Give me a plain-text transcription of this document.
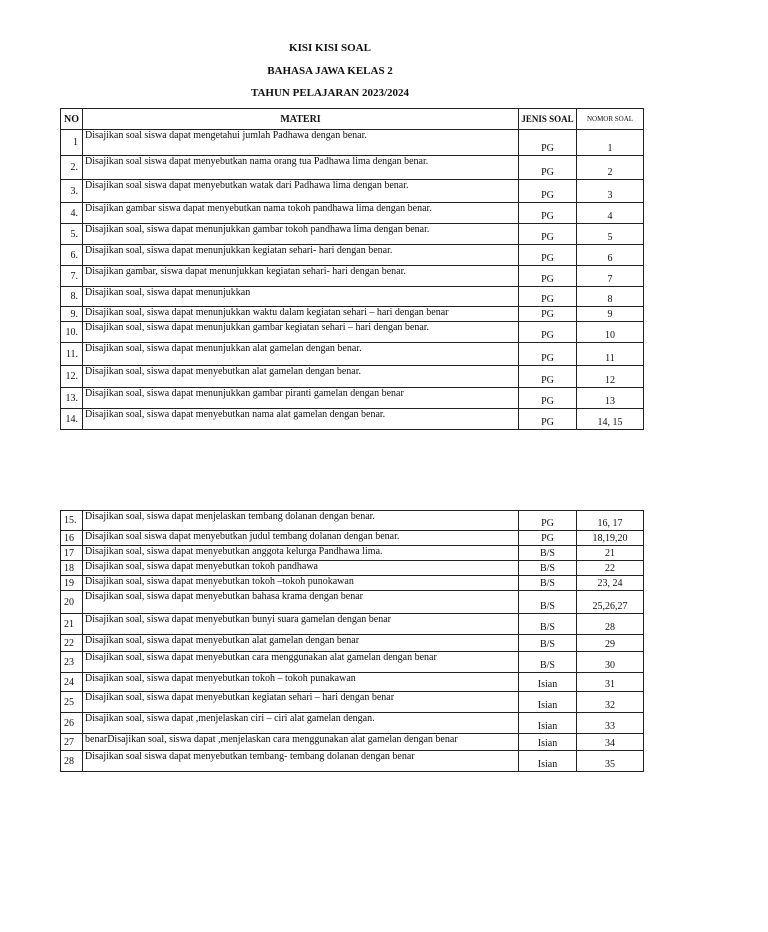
KISI KISI SOAL
BAHASA JAWA KELAS 2
TAHUN PELAJARAN 2023/2024
NO	MATERI	JENIS SOAL	NOMOR SOAL
1	Disajikan soal siswa dapat mengetahui jumlah Padhawa dengan benar.	PG	1
2.	Disajikan soal siswa dapat menyebutkan nama orang tua Padhawa lima dengan benar.	PG	2
3.	Disajikan soal siswa dapat menyebutkan watak dari Padhawa lima dengan benar.	PG	3
4.	Disajikan gambar siswa dapat menyebutkan nama tokoh pandhawa lima dengan benar.	PG	4
5.	Disajikan soal, siswa dapat menunjukkan gambar tokoh pandhawa lima dengan benar.	PG	5
6.	Disajikan soal, siswa dapat menunjukkan kegiatan sehari- hari dengan benar.	PG	6
7.	Disajikan gambar, siswa dapat menunjukkan kegiatan sehari- hari dengan benar.	PG	7
8.	Disajikan soal, siswa dapat menunjukkan	PG	8
9.	Disajikan soal, siswa dapat menunjukkan waktu dalam kegiatan sehari – hari dengan benar	PG	9
10.	Disajikan soal, siswa dapat menunjukkan gambar kegiatan sehari – hari dengan benar.	PG	10
11.	Disajikan soal, siswa dapat menunjukkan alat gamelan dengan benar.	PG	11
12.	Disajikan soal, siswa dapat menyebutkan alat gamelan dengan benar.	PG	12
13.	Disajikan soal, siswa dapat menunjukkan gambar piranti gamelan dengan benar	PG	13
14.	Disajikan soal, siswa dapat menyebutkan nama alat gamelan dengan benar.	PG	14, 15
15.	Disajikan soal, siswa dapat menjelaskan tembang dolanan dengan benar.	PG	16, 17
16	Disajikan soal siswa dapat menyebutkan judul tembang dolanan dengan benar.	PG	18,19,20
17	Disajikan soal, siswa dapat menyebutkan anggota kelurga Pandhawa lima.	B/S	21
18	Disajikan soal, siswa dapat menyebutkan tokoh pandhawa	B/S	22
19	Disajikan soal, siswa dapat menyebutkan tokoh –tokoh punokawan	B/S	23, 24
20	Disajikan soal, siswa dapat menyebutkan bahasa krama dengan benar	B/S	25,26,27
21	Disajikan soal, siswa dapat menyebutkan bunyi suara gamelan dengan benar	B/S	28
22	Disajikan soal, siswa dapat menyebutkan alat gamelan dengan benar	B/S	29
23	Disajikan soal, siswa dapat menyebutkan cara menggunakan alat gamelan dengan benar	B/S	30
24	Disajikan soal, siswa dapat menyebutkan tokoh – tokoh punakawan	Isian	31
25	Disajikan soal, siswa dapat menyebutkan kegiatan sehari – hari dengan benar	Isian	32
26	Disajikan soal, siswa dapat ,menjelaskan ciri – ciri alat gamelan dengan.	Isian	33
27	benarDisajikan soal, siswa dapat ,menjelaskan cara menggunakan alat gamelan dengan benar	Isian	34
28	Disajikan soal siswa dapat menyebutkan tembang- tembang dolanan dengan benar	Isian	35
